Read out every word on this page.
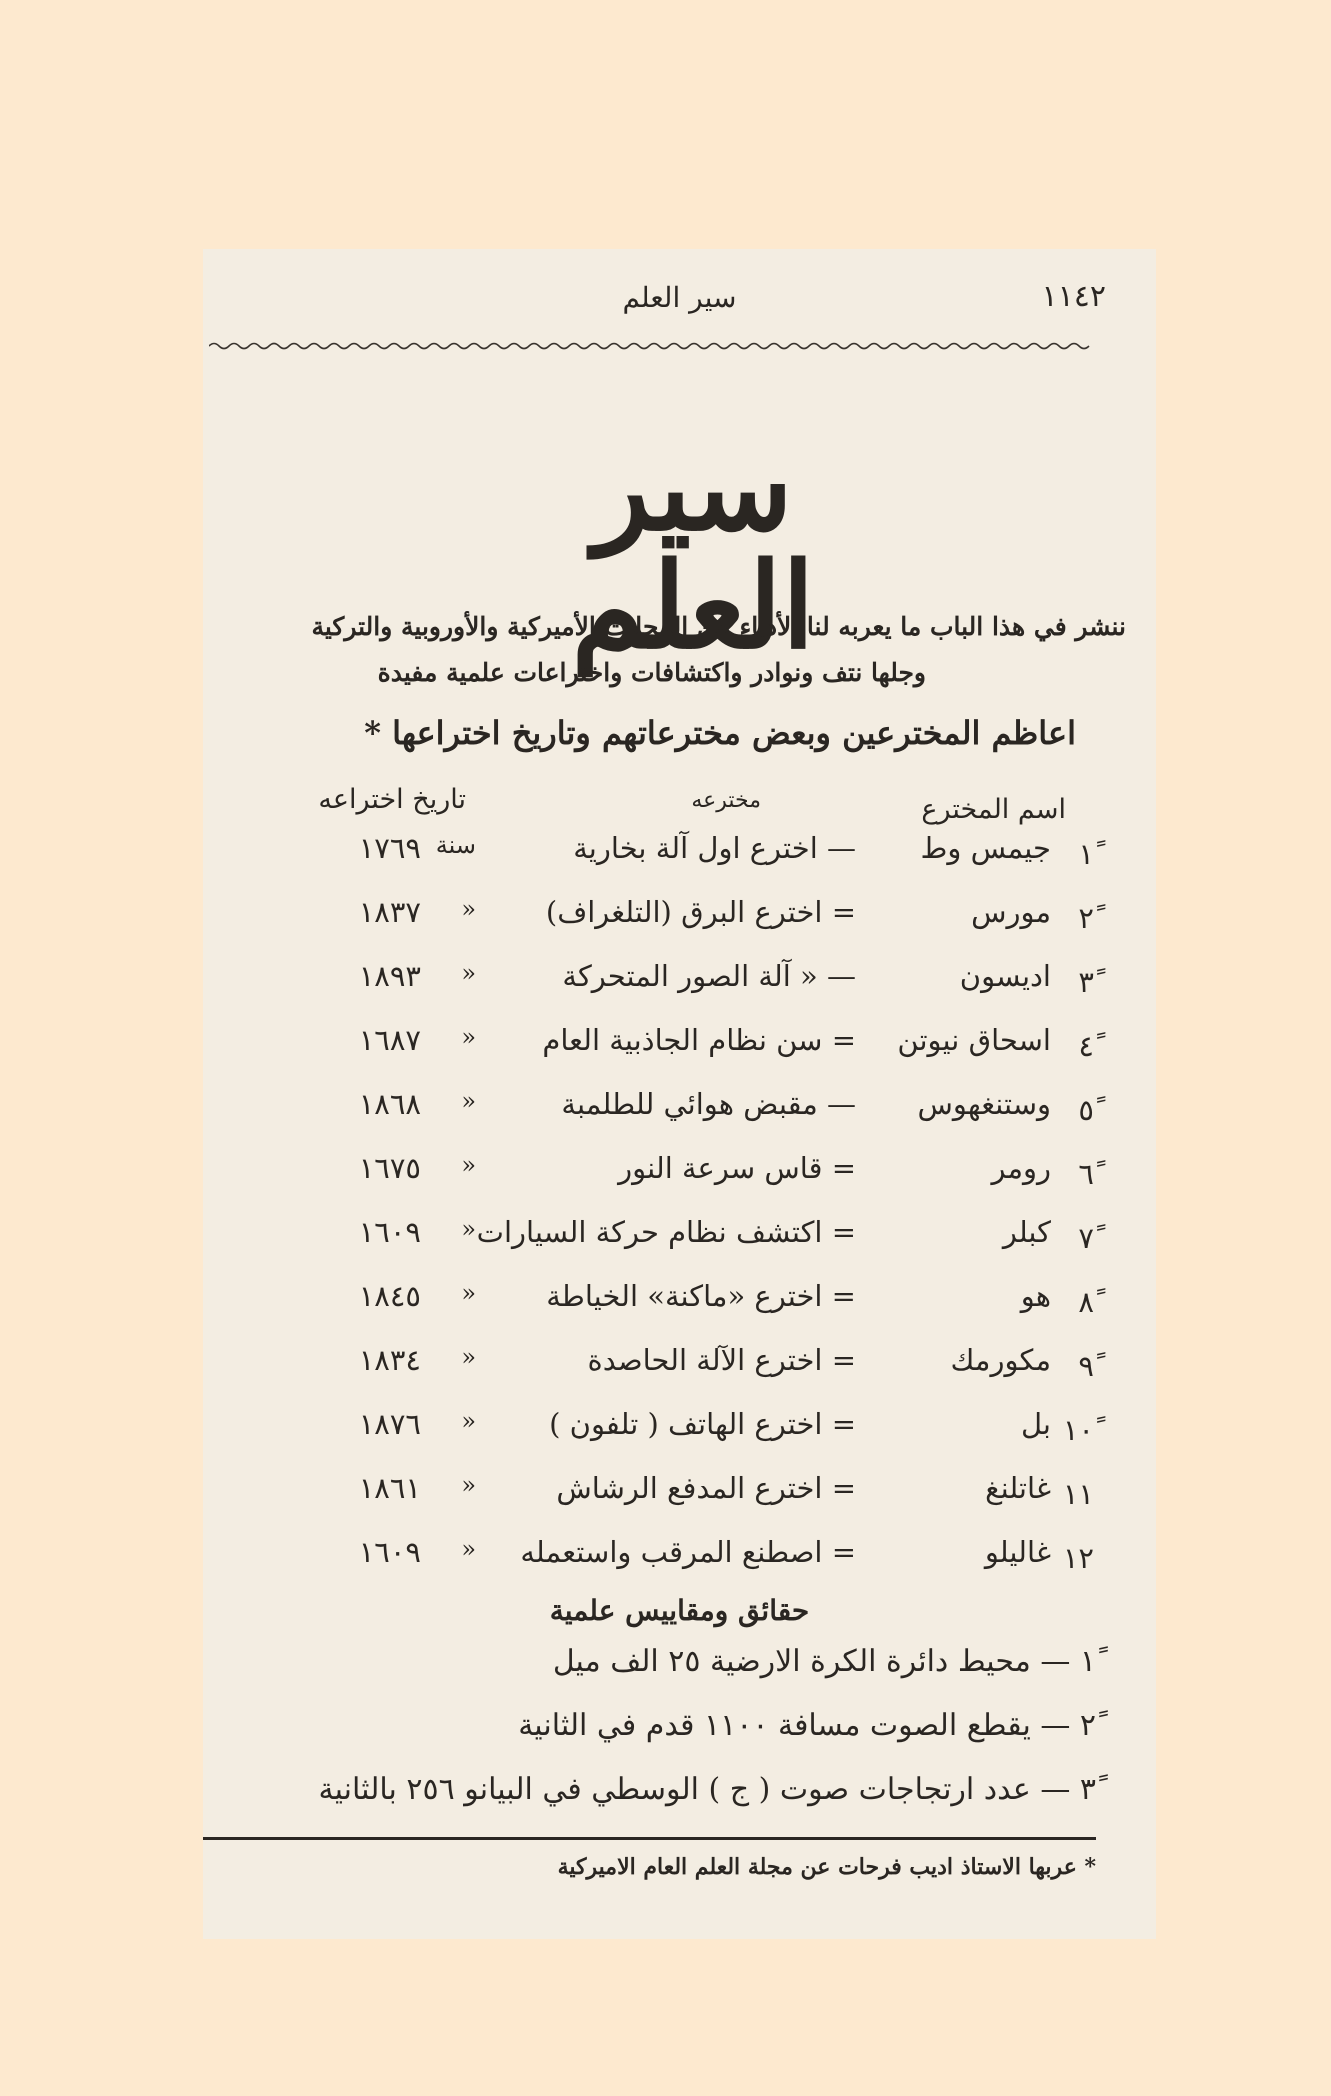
١١٤٢
سير العلم
سير العلم

ننشر في هذا الباب ما يعربه لنا الأدباء عن المجلات الأميركية والأوروبية والتركية

وجلها نتف ونوادر واكتشافات واختراعات علمية مفيدة

اعاظم المخترعين وبعض مخترعاتهم وتاريخ اختراعها *
اسم المخترع
مخترعه
تاريخ اختراعه
١ً
جيمس وط
— اخترع اول آلة بخارية
سنة
١٧٦٩
٢ً
مورس
= اخترع البرق (التلغراف)
«
١٨٣٧
٣ً
اديسون
— « آلة الصور المتحركة
«
١٨٩٣
٤ً
اسحاق نيوتن
= سن نظام الجاذبية العام
«
١٦٨٧
٥ً
وستنغهوس
— مقبض هوائي للطلمبة
«
١٨٦٨
٦ً
رومر
= قاس سرعة النور
«
١٦٧٥
٧ً
كبلر
= اكتشف نظام حركة السيارات
«
١٦٠٩
٨ً
هو
= اخترع «ماكنة» الخياطة
«
١٨٤٥
٩ً
مكورمك
= اخترع الآلة الحاصدة
«
١٨٣٤
١٠ً
بل
= اخترع الهاتف ( تلفون )
«
١٨٧٦
١١
غاتلنغ
= اخترع المدفع الرشاش
«
١٨٦١
١٢
غاليلو
= اصطنع المرقب واستعمله
«
١٦٠٩
حقائق ومقاييس علمية
١ً — محيط دائرة الكرة الارضية ٢٥ الف ميل
٢ً — يقطع الصوت مسافة ١١٠٠ قدم في الثانية
٣ً — عدد ارتجاجات صوت ( ج ) الوسطي في البيانو ٢٥٦ بالثانية
* عربها الاستاذ اديب فرحات عن مجلة العلم العام الاميركية
